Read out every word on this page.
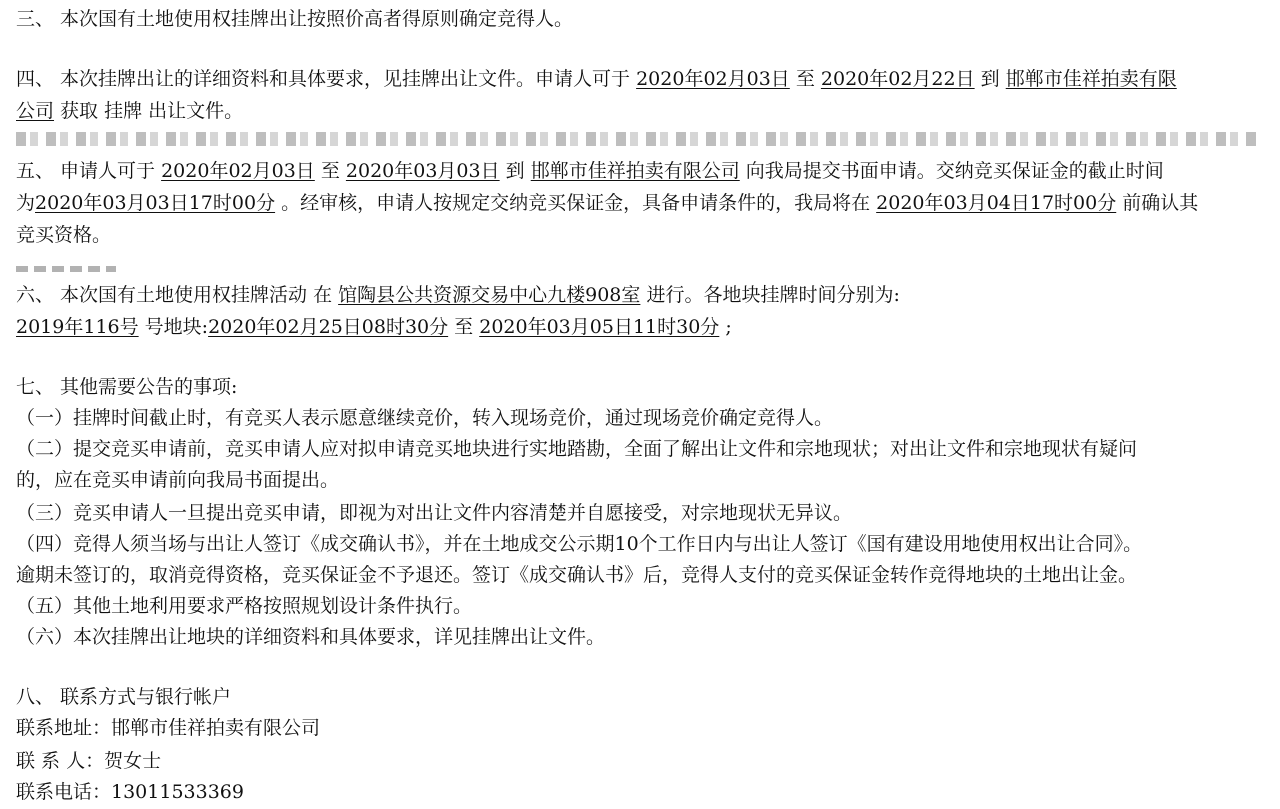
三、 本次国有土地使用权挂牌出让按照价高者得原则确定竞得人。
四、 本次挂牌出让的详细资料和具体要求，见挂牌出让文件。申请人可于 2020年02月03日 至 2020年02月22日 到 邯郸市佳祥拍卖有限
公司 获取 挂牌 出让文件。
五、 申请人可于 2020年02月03日 至 2020年03月03日 到 邯郸市佳祥拍卖有限公司 向我局提交书面申请。交纳竞买保证金的截止时间
为2020年03月03日17时00分 。经审核，申请人按规定交纳竞买保证金，具备申请条件的，我局将在 2020年03月04日17时00分 前确认其
竞买资格。
六、 本次国有土地使用权挂牌活动 在 馆陶县公共资源交易中心九楼908室 进行。各地块挂牌时间分别为:
2019年116号 号地块:2020年02月25日08时30分 至 2020年03月05日11时30分 ;
七、 其他需要公告的事项:
（一）挂牌时间截止时，有竞买人表示愿意继续竞价，转入现场竞价，通过现场竞价确定竞得人。
（二）提交竞买申请前，竞买申请人应对拟申请竞买地块进行实地踏勘，全面了解出让文件和宗地现状；对出让文件和宗地现状有疑问
的，应在竞买申请前向我局书面提出。
（三）竞买申请人一旦提出竞买申请，即视为对出让文件内容清楚并自愿接受，对宗地现状无异议。
（四）竞得人须当场与出让人签订《成交确认书》，并在土地成交公示期10个工作日内与出让人签订《国有建设用地使用权出让合同》。
逾期未签订的，取消竞得资格，竞买保证金不予退还。签订《成交确认书》后，竞得人支付的竞买保证金转作竞得地块的土地出让金。
（五）其他土地利用要求严格按照规划设计条件执行。
（六）本次挂牌出让地块的详细资料和具体要求，详见挂牌出让文件。
八、 联系方式与银行帐户
联系地址：邯郸市佳祥拍卖有限公司
联 系 人：贺女士
联系电话：13011533369
